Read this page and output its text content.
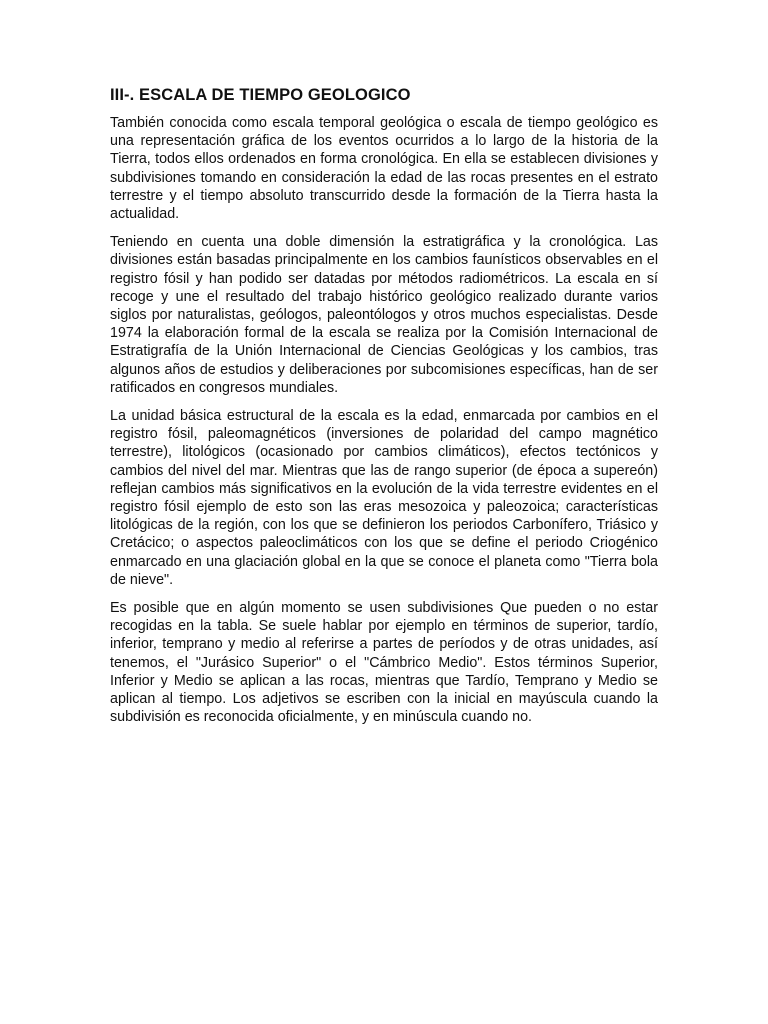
III-. ESCALA DE TIEMPO GEOLOGICO

También conocida como escala temporal geológica o escala de tiempo geológico es una representación gráfica de los eventos ocurridos a lo largo de la historia de la Tierra, todos ellos ordenados en forma cronológica. En ella se establecen divisiones y subdivisiones tomando en consideración la edad de las rocas presentes en el estrato terrestre y el tiempo absoluto transcurrido desde la formación de la Tierra hasta la actualidad.

Teniendo en cuenta una doble dimensión la estratigráfica y la cronológica. Las divisiones están basadas principalmente en los cambios faunísticos observables en el registro fósil y han podido ser datadas por métodos radiométricos. La escala en sí recoge y une el resultado del trabajo histórico geológico realizado durante varios siglos por naturalistas, geólogos, paleontólogos y otros muchos especialistas. Desde 1974 la elaboración formal de la escala se realiza por la Comisión Internacional de Estratigrafía de la Unión Internacional de Ciencias Geológicas y los cambios, tras algunos años de estudios y deliberaciones por subcomisiones específicas, han de ser ratificados en congresos mundiales.

La unidad básica estructural de la escala es la edad, enmarcada por cambios en el registro fósil, paleomagnéticos (inversiones de polaridad del campo magnético terrestre), litológicos (ocasionado por cambios climáticos), efectos tectónicos y cambios del nivel del mar. Mientras que las de rango superior (de época a supereón) reflejan cambios más significativos en la evolución de la vida terrestre evidentes en el registro fósil ejemplo de esto son las eras mesozoica y paleozoica; características litológicas de la región, con los que se definieron los periodos Carbonífero, Triásico y Cretácico; o aspectos paleoclimáticos con los que se define el periodo Criogénico enmarcado en una glaciación global en la que se conoce el planeta como "Tierra bola de nieve".

Es posible que en algún momento se usen subdivisiones Que pueden o no estar recogidas en la tabla. Se suele hablar por ejemplo en términos de superior, tardío, inferior, temprano y medio al referirse a partes de períodos y de otras unidades, así tenemos, el "Jurásico Superior" o el "Cámbrico Medio". Estos términos Superior, Inferior y Medio se aplican a las rocas, mientras que Tardío, Temprano y Medio se aplican al tiempo. Los adjetivos se escriben con la inicial en mayúscula cuando la subdivisión es reconocida oficialmente, y en minúscula cuando no.
